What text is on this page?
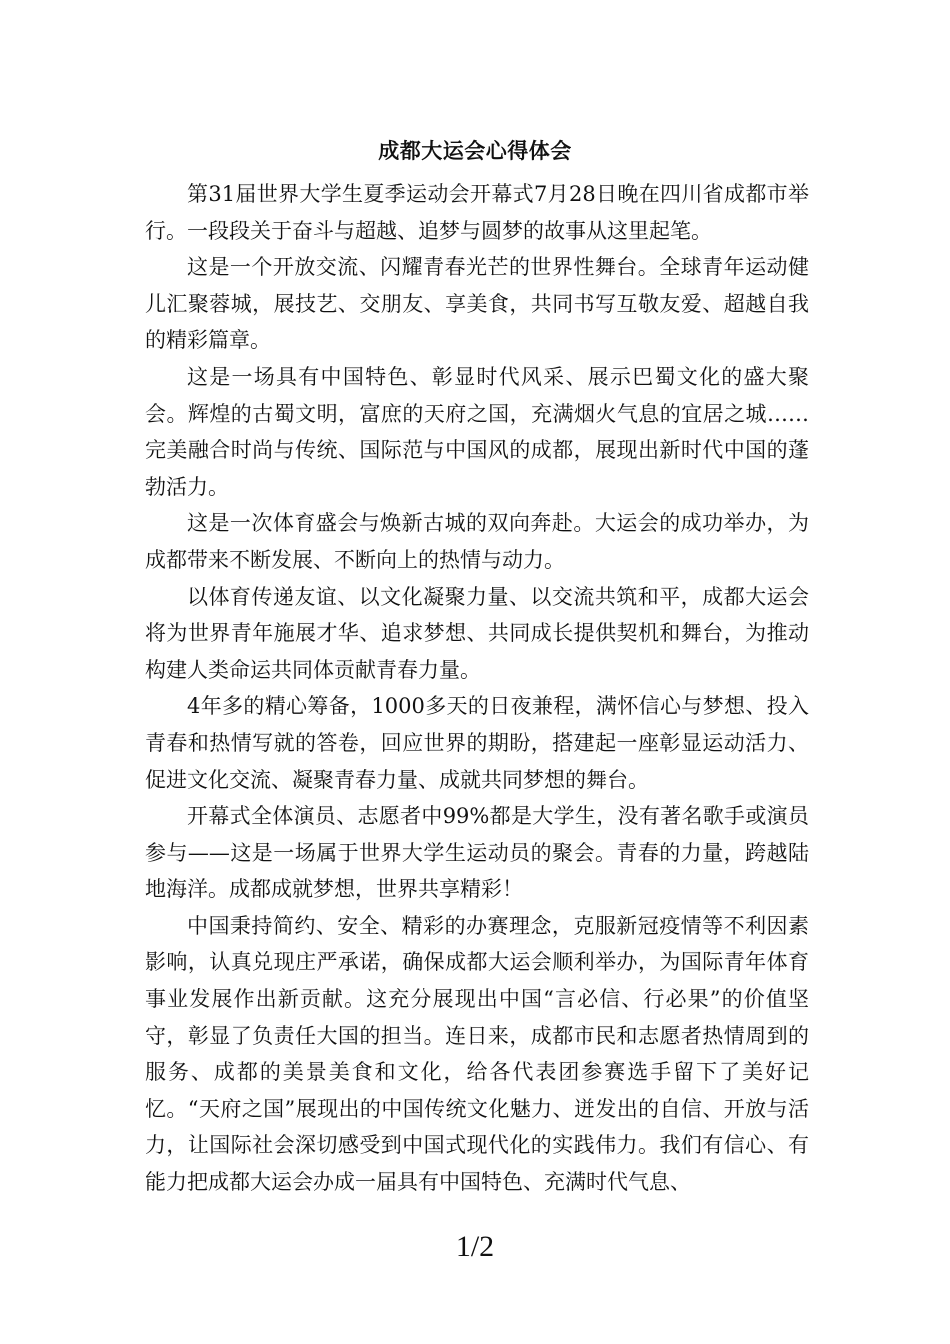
成都大运会心得体会

第31届世界大学生夏季运动会开幕式7月28日晚在四川省成都市举行。一段段关于奋斗与超越、追梦与圆梦的故事从这里起笔。

这是一个开放交流、闪耀青春光芒的世界性舞台。全球青年运动健儿汇聚蓉城，展技艺、交朋友、享美食，共同书写互敬友爱、超越自我的精彩篇章。

这是一场具有中国特色、彰显时代风采、展示巴蜀文化的盛大聚会。辉煌的古蜀文明，富庶的天府之国，充满烟火气息的宜居之城……完美融合时尚与传统、国际范与中国风的成都，展现出新时代中国的蓬勃活力。

这是一次体育盛会与焕新古城的双向奔赴。大运会的成功举办，为成都带来不断发展、不断向上的热情与动力。

以体育传递友谊、以文化凝聚力量、以交流共筑和平，成都大运会将为世界青年施展才华、追求梦想、共同成长提供契机和舞台，为推动构建人类命运共同体贡献青春力量。

4年多的精心筹备，1000多天的日夜兼程，满怀信心与梦想、投入青春和热情写就的答卷，回应世界的期盼，搭建起一座彰显运动活力、促进文化交流、凝聚青春力量、成就共同梦想的舞台。

开幕式全体演员、志愿者中99%都是大学生，没有著名歌手或演员参与——这是一场属于世界大学生运动员的聚会。青春的力量，跨越陆地海洋。成都成就梦想，世界共享精彩！

中国秉持简约、安全、精彩的办赛理念，克服新冠疫情等不利因素影响，认真兑现庄严承诺，确保成都大运会顺利举办，为国际青年体育事业发展作出新贡献。这充分展现出中国“言必信、行必果”的价值坚守，彰显了负责任大国的担当。连日来，成都市民和志愿者热情周到的服务、成都的美景美食和文化，给各代表团参赛选手留下了美好记忆。“天府之国”展现出的中国传统文化魅力、迸发出的自信、开放与活力，让国际社会深切感受到中国式现代化的实践伟力。我们有信心、有能力把成都大运会办成一届具有中国特色、充满时代气息、

1/2
